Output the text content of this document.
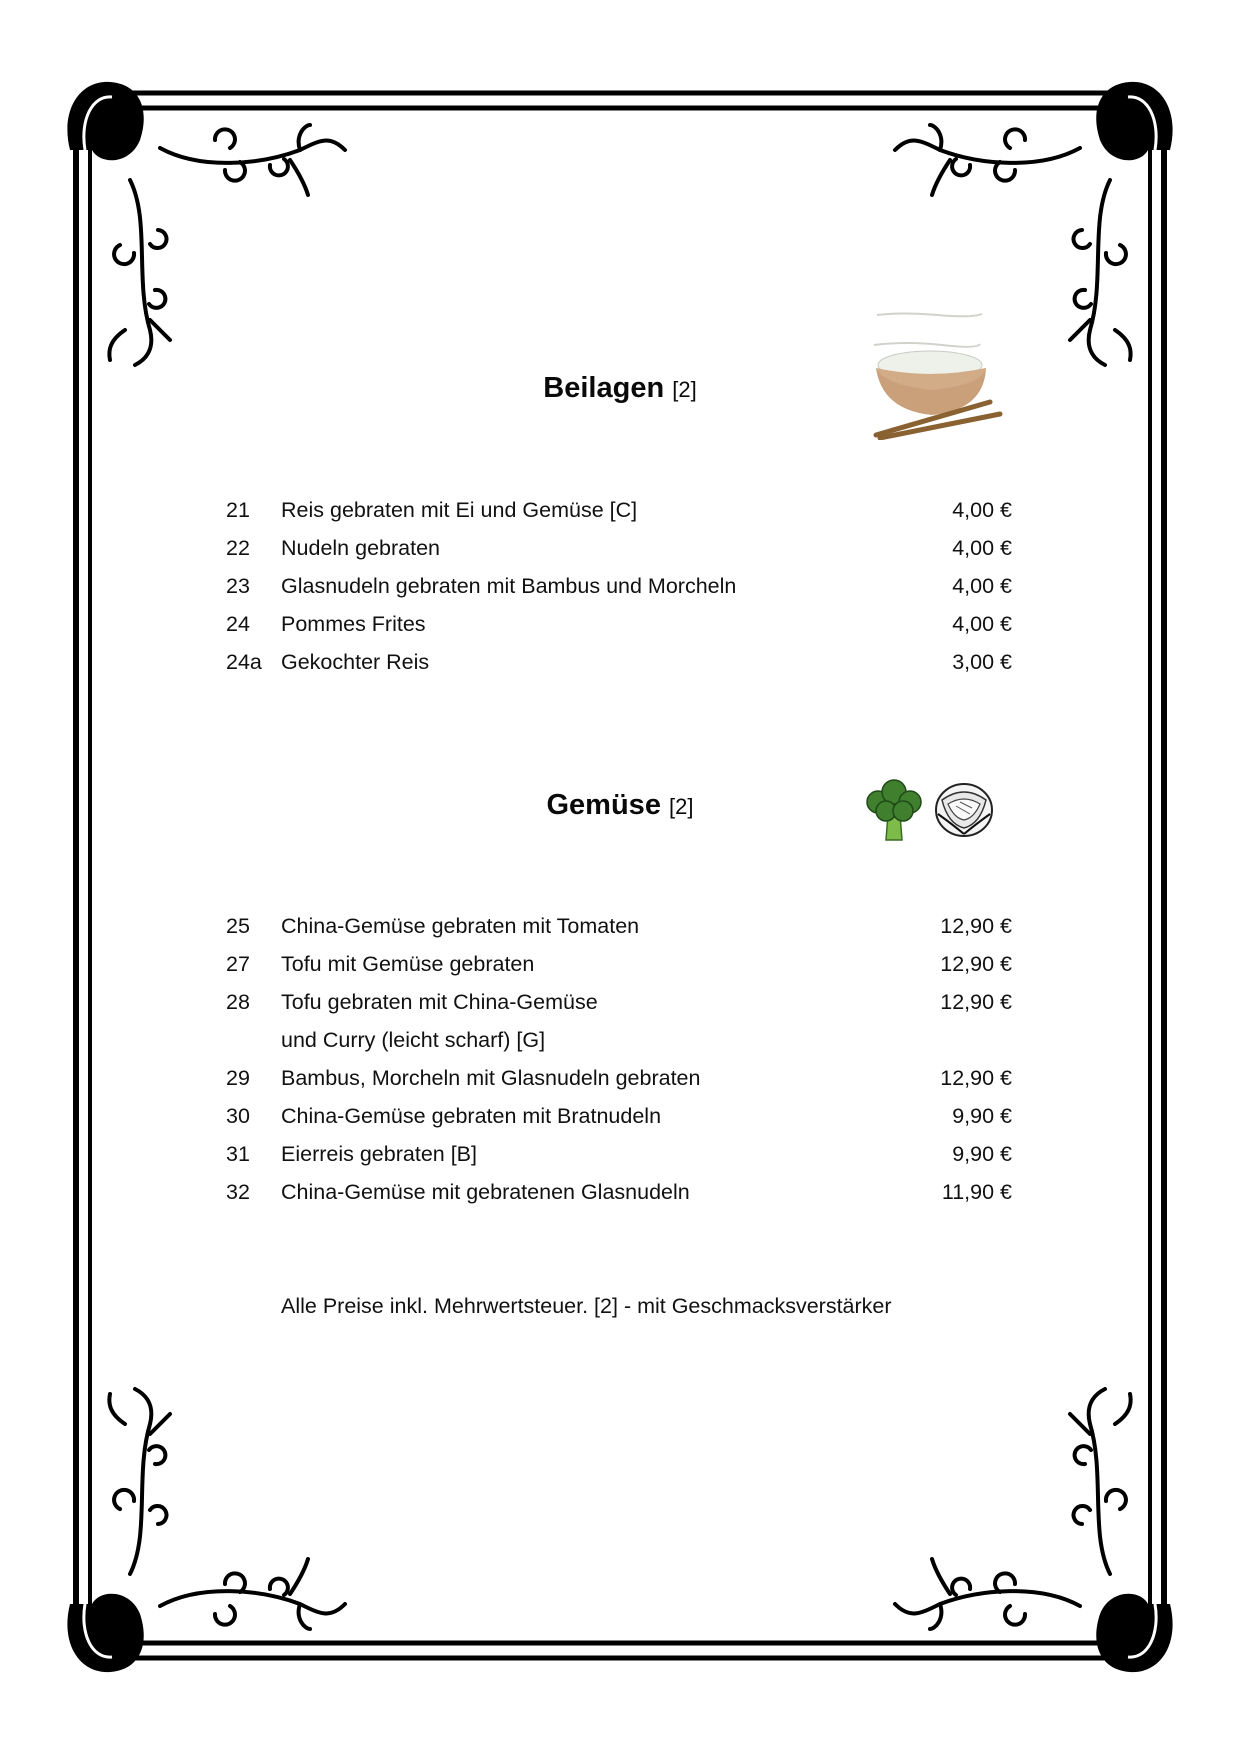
Beilagen [2]
21 Reis gebraten mit Ei und Gemüse [C]	4,00 €
22 Nudeln gebraten	4,00 €
23 Glasnudeln gebraten mit Bambus und Morcheln	4,00 €
24 Pommes Frites	4,00 €
24a Gekochter Reis	3,00 €
Gemüse [2]
25 China-Gemüse gebraten mit Tomaten	12,90 €
27 Tofu mit Gemüse gebraten	12,90 €
28 Tofu gebraten mit China-Gemüse	12,90 €
und Curry (leicht scharf) [G]
29 Bambus, Morcheln mit Glasnudeln gebraten	12,90 €
30 China-Gemüse gebraten mit Bratnudeln	9,90 €
31 Eierreis gebraten [B]	9,90 €
32 China-Gemüse mit gebratenen Glasnudeln	11,90 €
Alle Preise inkl. Mehrwertsteuer. [2] - mit Geschmacksverstärker
